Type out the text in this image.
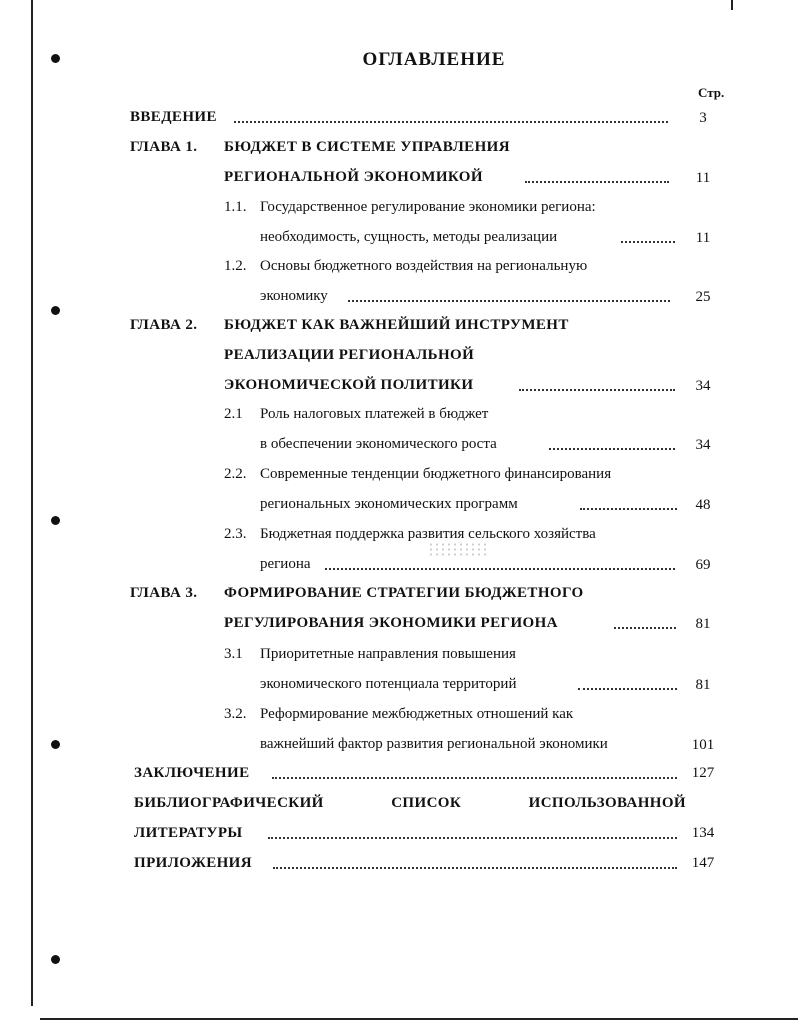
ОГЛАВЛЕНИЕ
Стр.
ВВЕДЕНИЕ	3
ГЛАВА 1. БЮДЖЕТ В СИСТЕМЕ УПРАВЛЕНИЯ
РЕГИОНАЛЬНОЙ ЭКОНОМИКОЙ	11
1.1. Государственное регулирование экономики региона:
необходимость, сущность, методы реализации	11
1.2. Основы бюджетного воздействия на региональную
экономику	25
ГЛАВА 2. БЮДЖЕТ КАК ВАЖНЕЙШИЙ ИНСТРУМЕНТ
РЕАЛИЗАЦИИ РЕГИОНАЛЬНОЙ
ЭКОНОМИЧЕСКОЙ ПОЛИТИКИ	34
2.1 Роль налоговых платежей в бюджет
в обеспечении экономического роста	34
2.2. Современные тенденции бюджетного финансирования
региональных экономических программ	48
2.3. Бюджетная поддержка развития сельского хозяйства
региона	69
ГЛАВА 3. ФОРМИРОВАНИЕ СТРАТЕГИИ БЮДЖЕТНОГО
РЕГУЛИРОВАНИЯ ЭКОНОМИКИ РЕГИОНА	81
3.1 Приоритетные направления повышения
экономического потенциала территорий	81
3.2. Реформирование межбюджетных отношений как
важнейший фактор развития региональной экономики	101
ЗАКЛЮЧЕНИЕ	127
БИБЛИОГРАФИЧЕСКИЙ	СПИСОК	ИСПОЛЬЗОВАННОЙ
ЛИТЕРАТУРЫ	134
ПРИЛОЖЕНИЯ	147
